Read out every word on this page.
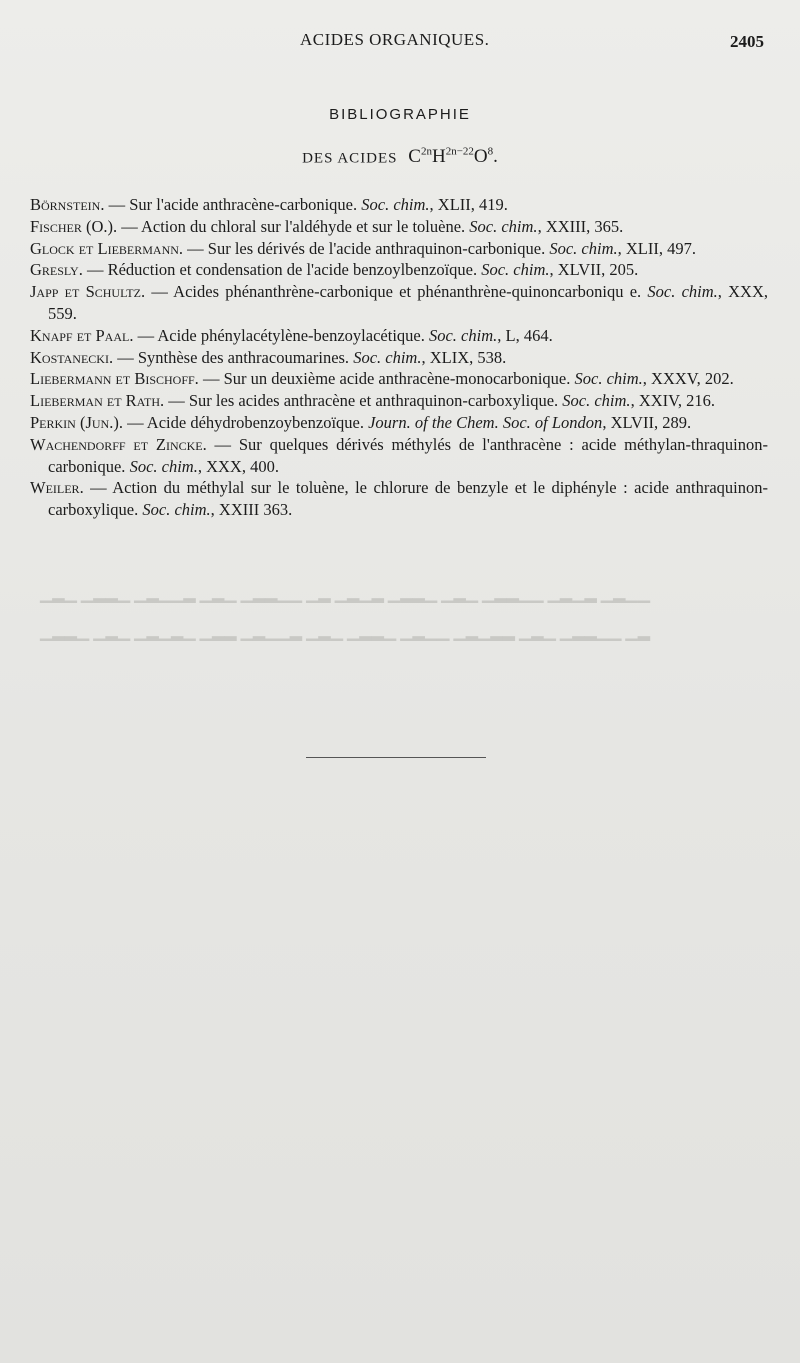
▁▂▁ ▁▂▂▁ ▁▂▁▁▂ ▁▂▁ ▁▂▂▁▁ ▁▂ ▁▂▁▂ ▁▂▂▁ ▁▂▁ ▁▂▂▁▁ ▁▂▁▂ ▁▂▁▁

▁▂▂▁ ▁▂▁ ▁▂▁▂▁ ▁▂▂ ▁▂▁▁▂ ▁▂▁ ▁▂▂▁ ▁▂▁▁ ▁▂▁▂▂ ▁▂▁ ▁▂▂▁▁ ▁▂

ACIDES ORGANIQUES.	2405
BIBLIOGRAPHIE
DES ACIDES $C^{2n}H^{2n-22}O^8$.
Börnstein. — Sur l'acide anthracène-carbonique. Soc. chim., XLII, 419.
Fischer (O.). — Action du chloral sur l'aldéhyde et sur le toluène. Soc. chim., XXIII, 365.
Glock et Liebermann. — Sur les dérivés de l'acide anthraquinon-carbonique. Soc. chim., XLII, 497.
Gresly. — Réduction et condensation de l'acide benzoylbenzoïque. Soc. chim., XLVII, 205.
Japp et Schultz. — Acides phénanthrène-carbonique et phénanthrène-quinoncarboniqu e. Soc. chim., XXX, 559.
Knapf et Paal. — Acide phénylacétylène-benzoylacétique. Soc. chim., L, 464.
Kostanecki. — Synthèse des anthracoumarines. Soc. chim., XLIX, 538.
Liebermann et Bischoff. — Sur un deuxième acide anthracène-monocarbonique. Soc. chim., XXXV, 202.
Lieberman et Rath. — Sur les acides anthracène et anthraquinon-carboxylique. Soc. chim., XXIV, 216.
Perkin (Jun.). — Acide déhydrobenzoybenzoïque. Journ. of the Chem. Soc. of London, XLVII, 289.
Wachendorff et Zincke. — Sur quelques dérivés méthylés de l'anthracène : acide méthylan-thraquinon-carbonique. Soc. chim., XXX, 400.
Weiler. — Action du méthylal sur le toluène, le chlorure de benzyle et le diphényle : acide anthraquinon-carboxylique. Soc. chim., XXIII 363.
